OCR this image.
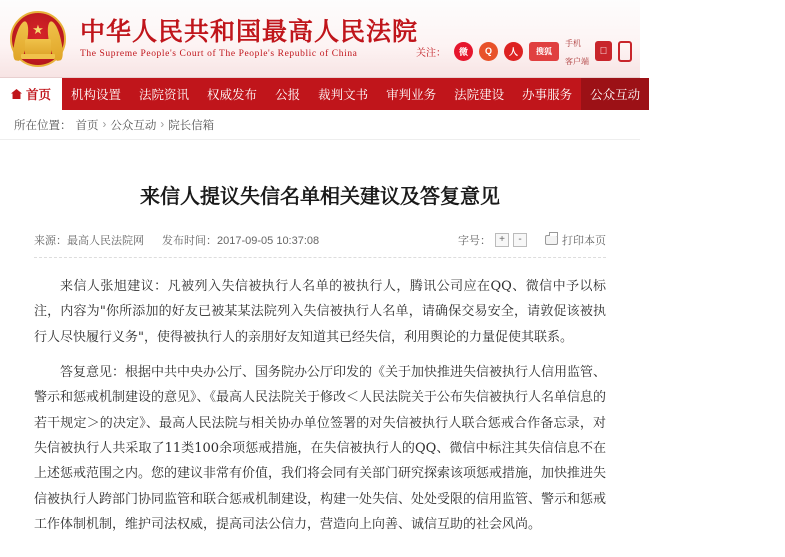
★ 中华人民共和国最高人民法院
The Supreme People's Court of The People's Republic of China	关注：	微	Q	人	搜狐
手机
客户端
首页 机构设置 法院资讯 权威发布 公报 裁判文书 审判业务 法院建设 办事服务 公众互动 巡回法庭 关于我们
所在位置： 首页 › 公众互动 › 院长信箱
来信人提议失信名单相关建议及答复意见
来源：最高人民法院网 发布时间：2017-09-05 10:37:08	字号： +	-	打印本页

来信人张旭建议：凡被列入失信被执行人名单的被执行人，腾讯公司应在QQ、微信中予以标注，内容为"你所添加的好友已被某某法院列入失信被执行人名单，请确保交易安全，请敦促该被执行人尽快履行义务"，使得被执行人的亲朋好友知道其已经失信，利用舆论的力量促使其联系。

答复意见：根据中共中央办公厅、国务院办公厅印发的《关于加快推进失信被执行人信用监管、警示和惩戒机制建设的意见》、《最高人民法院关于修改＜人民法院关于公布失信被执行人名单信息的若干规定＞的决定》、最高人民法院与相关协办单位签署的对失信被执行人联合惩戒合作备忘录，对失信被执行人共采取了11类100余项惩戒措施，在失信被执行人的QQ、微信中标注其失信信息不在上述惩戒范围之内。您的建议非常有价值，我们将会同有关部门研究探索该项惩戒措施，加快推进失信被执行人跨部门协同监管和联合惩戒机制建设，构建一处失信、处处受限的信用监管、警示和惩戒工作体制机制，维护司法权威，提高司法公信力，营造向上向善、诚信互助的社会风尚。
